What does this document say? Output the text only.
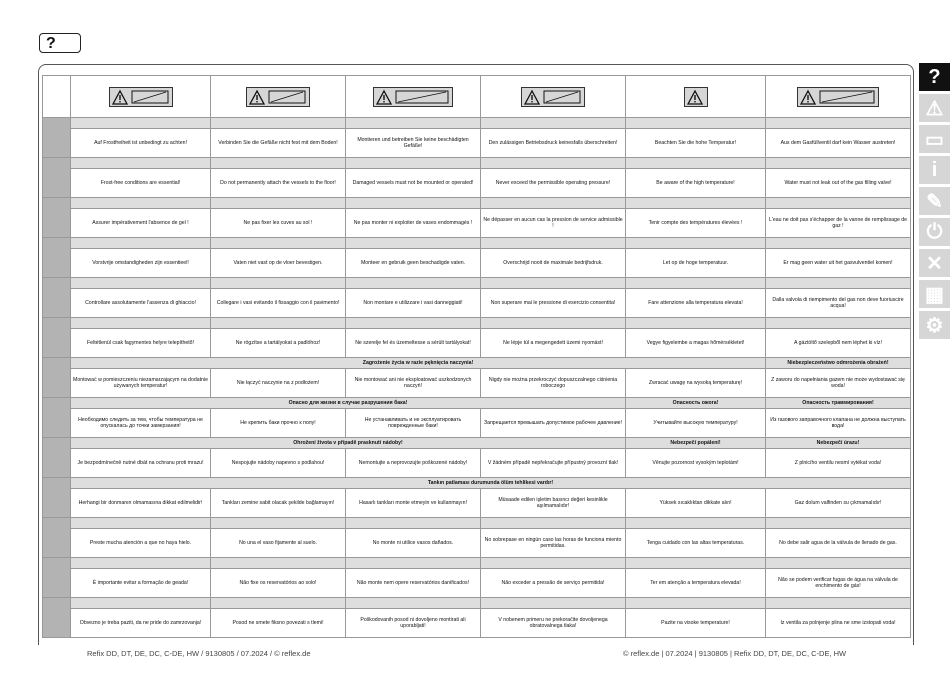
?

	Auf Frostfreiheit ist unbedingt zu achten!	Verbinden Sie die Gefäße nicht fest mit dem Boden!	Montieren und betreiben Sie keine beschädigten Gefäße!	Den zulässigen Betriebsdruck keinesfalls überschreiten!	Beachten Sie die hohe Temperatur!	Aus dem Gasfüllventil darf kein Wasser austreten!

	Frost-free conditions are essential!	Do not permanently attach the vessels to the floor!	Damaged vessels must not be mounted or operated!	Never exceed the permissible operating pressure!	Be aware of the high temperature!	Water must not leak out of the gas filling valve!

	Assurer impérativement l'absence de gel !	Ne pas fixer les cuves au sol !	Ne pas monter ni exploiter de vases endommagés !	Ne dépasser en aucun cas la pression de service admissible !	Tenir compte des températures élevées !	L'eau ne doit pas s'échapper de la vanne de remplissage de gaz !

	Vorstvrije omstandigheden zijn essentieel!	Vaten niet vast op de vloer bevestigen.	Monteer en gebruik geen beschadigde vaten.	Overschrijd nooit de maximale bedrijfsdruk.	Let op de hoge temperatuur.	Er mag geen water uit het gasvulventiel komen!

	Controllare assolutamente l'assenza di ghiaccio!	Collegare i vasi evitando il fissaggio con il pavimento!	Non montare e utilizzare i vasi danneggiati!	Non superare mai le pressione di esercizio consentita!	Fare attenzione alla temperatura elevata!	Dalla valvola di riempimento del gas non deve fuoriuscire acqua!

	Feltétlenül csak fagymentes helyre telepíthető!	Ne rögzítse a tartályokat a padlóhoz!	Ne szerelje fel és üzemeltesse a sérült tartályokat!	Ne lépje túl a megengedett üzemi nyomást!	Vegye figyelembe a magas hőmérsékletet!	A gáztöltő szelepből nem léphet ki víz!
	Zagrożenie życia w razie pęknięcia naczynia!					Niebezpieczeństwo odmrożenia obrażeń!
	Montować w pomieszczeniu niezamarzającym na dodatnie używanych temperatur!	Nie łączyć naczynie na z podłożem!	Nie montować ani nie eksploatować uszkodzonych naczyń!	Nigdy nie można przekroczyć dopuszczalnego ciśnienia roboczego	Zwracać uwagę na wysoką temperaturę!	Z zaworu do napełniania gazem nie może wydostawać się woda!
	Опасно для жизни в случае разрушения бака!				Опасность ожога!	Опасность травмирования!
	Необходимо следить за тем, чтобы температура не опускалась до точки замерзания!	Не крепить баки прочно к полу!	Не устанавливать и не эксплуатировать поврежденные баки!	Запрещается превышать допустимое рабочее давление!	Учитывайте высокую температуру!	Из газового заправочного клапана не должна выступать вода!
	Ohrožení života v případě prasknutí nádoby!				Nebezpečí popálení!	Nebezpečí úrazu!
	Je bezpodmínečně nutné dbát na ochranu proti mrazu!	Nespojujte nádoby napevno s podlahou!	Nemontujte a neprovozujte poškozené nádoby!	V žádném případě nepřekračujte přípustný provozní tlak!	Věnujte pozornost vysokým teplotám!	Z plnicího ventilu nesmí vytékat voda!
	Tankın patlaması durumunda ölüm tehlikesi vardır!					
	Herhangi bir donmanın olmamasına dikkat edilmelidir!	Tankları zemine sabit olacak şekilde bağlamayın!	Hasarlı tankları monte etmeyin ve kullanmayın!	Müsaade edilen işletim basıncı değeri kesinlikle aşılmamalıdır!	Yüksek sıcaklıktan dikkate alın!	Gaz dolum valfinden su çıkmamalıdır!

	Preste mucha atención a que no haya hielo.	No una el vaso fijamente al suelo.	No monte ni utilice vasos dañados.	No sobrepase en ningún caso las horas de funciona miento permitidas.	Tenga cuidado con las altas temperaturas.	No debe salir agua de la válvula de llenado de gas.

	É importante evitar a formação de geada!	Não fixe os reservatórios ao solo!	Não monte nem opere reservatórios danificados!	Não exceder a pressão de serviço permitida!	Ter em atenção a temperatura elevada!	Não se podem verificar fugas de água na válvula de enchimento de gás!

	Obvezno je treba paziti, da ne pride do zamrzovanja!	Posod ne smete fiksno povezati s tlemi!	Poškodovanih posod ni dovoljeno montirati ali uporabljati!	V nobenem primeru ne prekoračite dovoljenega obratovalnega tlaka!	Pazite na visoke temperature!	Iz ventila za polnjenje plina ne sme izstopati voda!
?
⚠
▭
i
✎
⏻
✕
▦
⚙
Refix DD, DT, DE, DC, C-DE, HW / 9130805 / 07.2024 / © reflex.de	© reflex.de | 07.2024 | 9130805 | Refix DD, DT, DE, DC, C-DE, HW
